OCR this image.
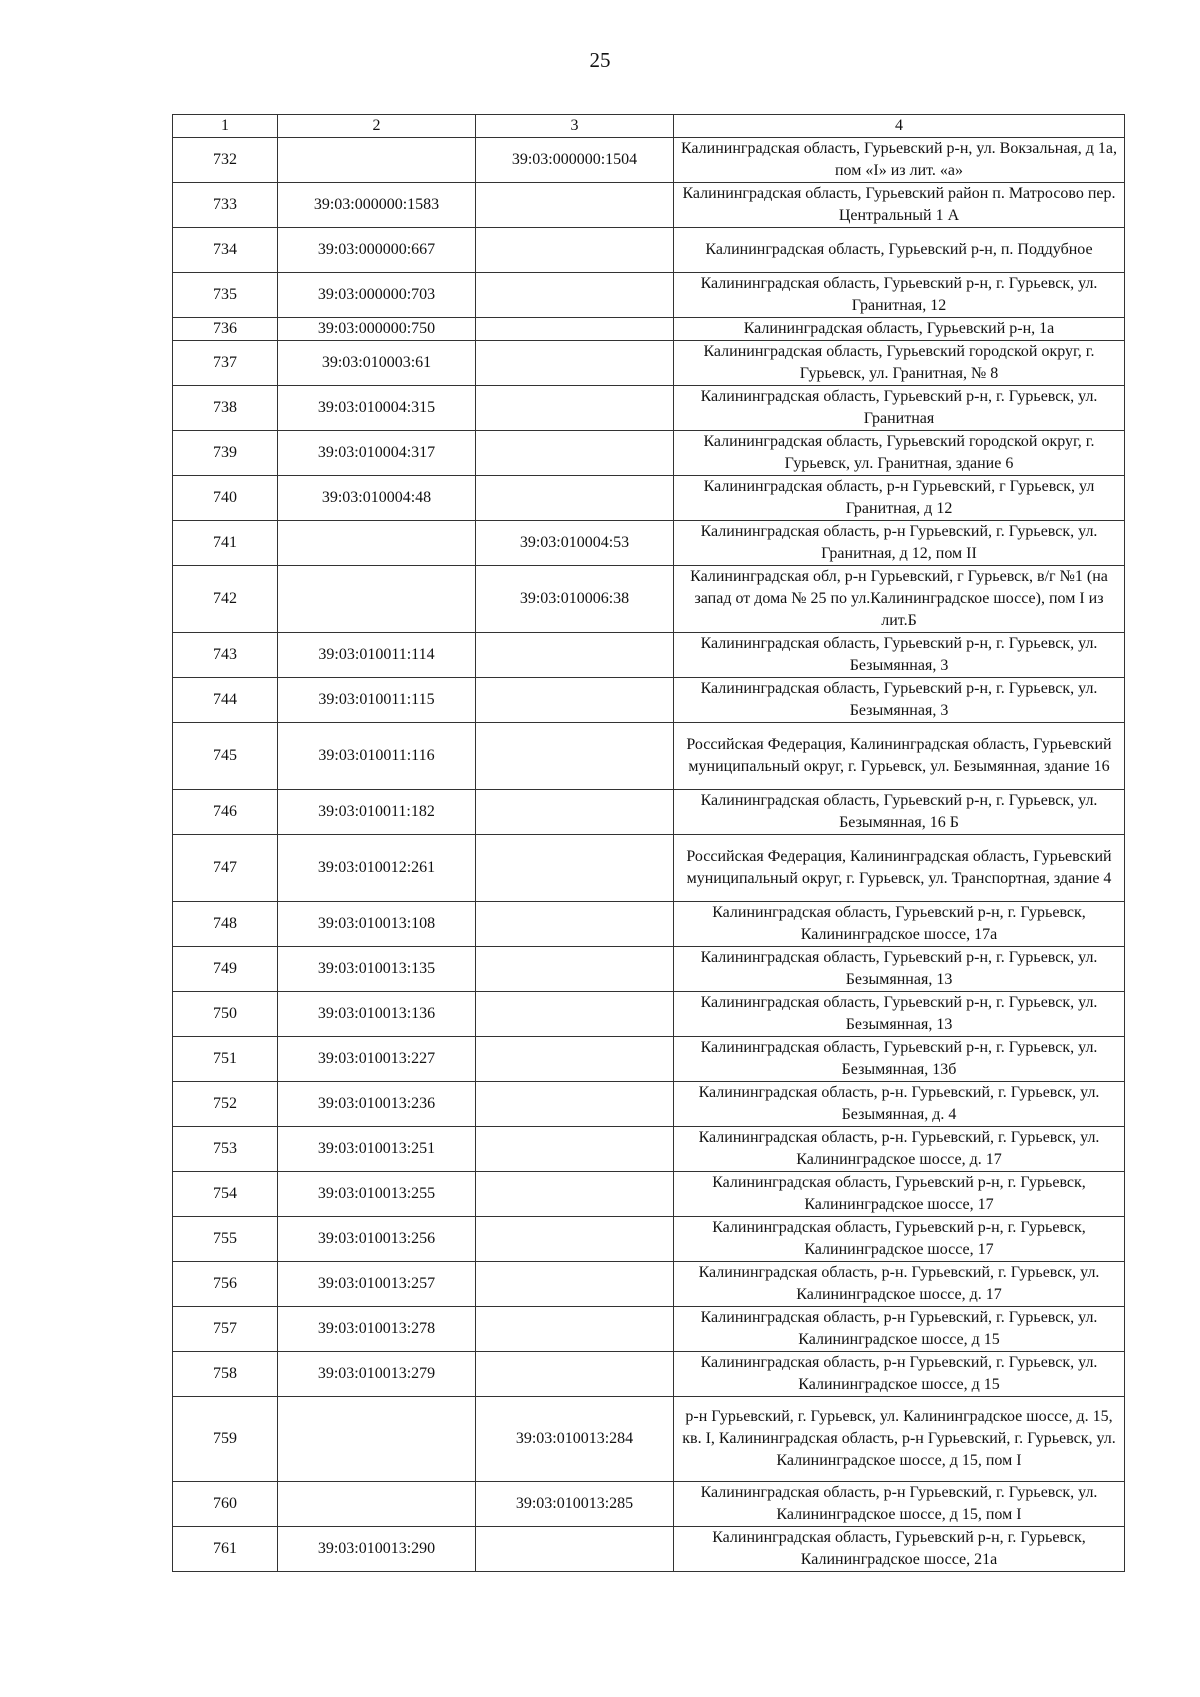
25
1	2	3	4
732		39:03:000000:1504	Калининградская область, Гурьевский р-н, ул. Вокзальная, д 1а, пом «I» из лит. «а»
733	39:03:000000:1583		Калининградская область, Гурьевский район п. Матросово пер. Центральный 1 А
734	39:03:000000:667		Калининградская область, Гурьевский р-н, п. Поддубное
735	39:03:000000:703		Калининградская область, Гурьевский р-н, г. Гурьевск, ул. Гранитная, 12
736	39:03:000000:750		Калининградская область, Гурьевский р-н, 1а
737	39:03:010003:61		Калининградская область, Гурьевский городской округ, г. Гурьевск, ул. Гранитная, № 8
738	39:03:010004:315		Калининградская область, Гурьевский р-н, г. Гурьевск, ул. Гранитная
739	39:03:010004:317		Калининградская область, Гурьевский городской округ, г. Гурьевск, ул. Гранитная, здание 6
740	39:03:010004:48		Калининградская область, р-н Гурьевский, г Гурьевск, ул Гранитная, д 12
741		39:03:010004:53	Калининградская область, р-н Гурьевский, г. Гурьевск, ул. Гранитная, д 12, пом II
742		39:03:010006:38	Калининградская обл, р-н Гурьевский, г Гурьевск, в/г №1 (на запад от дома № 25 по ул.Калининградское шоссе), пом I из лит.Б
743	39:03:010011:114		Калининградская область, Гурьевский р-н, г. Гурьевск, ул. Безымянная, 3
744	39:03:010011:115		Калининградская область, Гурьевский р-н, г. Гурьевск, ул. Безымянная, 3
745	39:03:010011:116		Российская Федерация, Калининградская область, Гурьевский муниципальный округ, г. Гурьевск, ул. Безымянная, здание 16
746	39:03:010011:182		Калининградская область, Гурьевский р-н, г. Гурьевск, ул. Безымянная, 16 Б
747	39:03:010012:261		Российская Федерация, Калининградская область, Гурьевский муниципальный округ, г. Гурьевск, ул. Транспортная, здание 4
748	39:03:010013:108		Калининградская область, Гурьевский р-н, г. Гурьевск, Калининградское шоссе, 17а
749	39:03:010013:135		Калининградская область, Гурьевский р-н, г. Гурьевск, ул. Безымянная, 13
750	39:03:010013:136		Калининградская область, Гурьевский р-н, г. Гурьевск, ул. Безымянная, 13
751	39:03:010013:227		Калининградская область, Гурьевский р-н, г. Гурьевск, ул. Безымянная, 13б
752	39:03:010013:236		Калининградская область, р-н. Гурьевский, г. Гурьевск, ул. Безымянная, д. 4
753	39:03:010013:251		Калининградская область, р-н. Гурьевский, г. Гурьевск, ул. Калининградское шоссе, д. 17
754	39:03:010013:255		Калининградская область, Гурьевский р-н, г. Гурьевск, Калининградское шоссе, 17
755	39:03:010013:256		Калининградская область, Гурьевский р-н, г. Гурьевск, Калининградское шоссе, 17
756	39:03:010013:257		Калининградская область, р-н. Гурьевский, г. Гурьевск, ул. Калининградское шоссе, д. 17
757	39:03:010013:278		Калининградская область, р-н Гурьевский, г. Гурьевск, ул. Калининградское шоссе, д 15
758	39:03:010013:279		Калининградская область, р-н Гурьевский, г. Гурьевск, ул. Калининградское шоссе, д 15
759		39:03:010013:284	р-н Гурьевский, г. Гурьевск, ул. Калининградское шоссе, д. 15, кв. I, Калининградская область, р-н Гурьевский, г. Гурьевск, ул. Калининградское шоссе, д 15, пом I
760		39:03:010013:285	Калининградская область, р-н Гурьевский, г. Гурьевск, ул. Калининградское шоссе, д 15, пом I
761	39:03:010013:290		Калининградская область, Гурьевский р-н, г. Гурьевск, Калининградское шоссе, 21а
